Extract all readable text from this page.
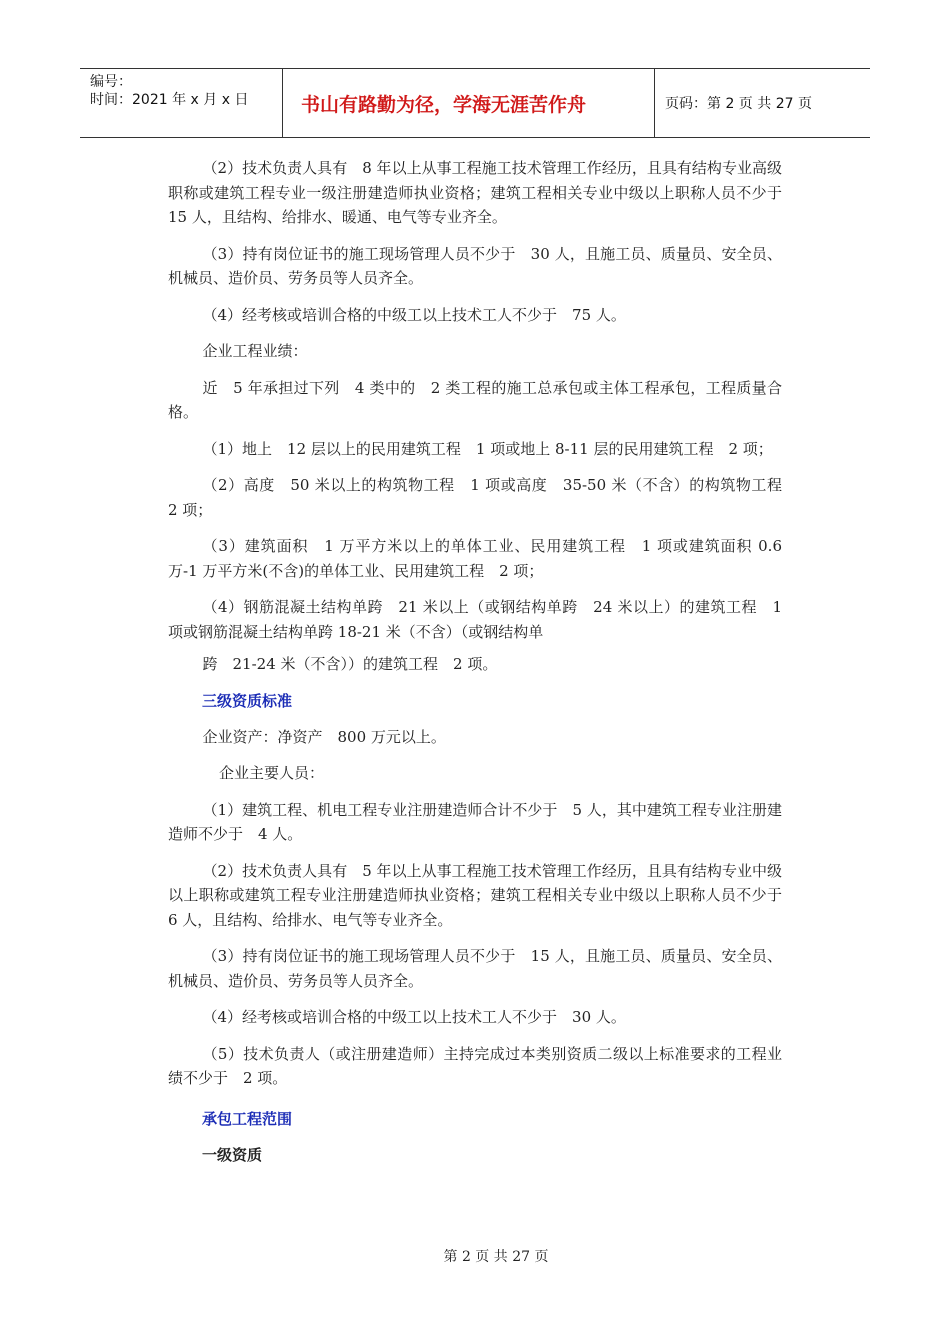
编号：
时间：2021 年 x 月 x 日	书山有路勤为径，学海无涯苦作舟	页码：第 2 页 共 27 页

（2）技术负责人具有　8 年以上从事工程施工技术管理工作经历，且具有结构专业高级职称或建筑工程专业一级注册建造师执业资格；建筑工程相关专业中级以上职称人员不少于　15 人，且结构、给排水、暖通、电气等专业齐全。

（3）持有岗位证书的施工现场管理人员不少于　30 人，且施工员、质量员、安全员、机械员、造价员、劳务员等人员齐全。

（4）经考核或培训合格的中级工以上技术工人不少于　75 人。

企业工程业绩：

近　5 年承担过下列　4 类中的　2 类工程的施工总承包或主体工程承包，工程质量合格。

（1）地上　12 层以上的民用建筑工程　1 项或地上 8-11 层的民用建筑工程　2 项；

（2）高度　50 米以上的构筑物工程　1 项或高度　35-50 米（不含）的构筑物工程　2 项；

（3）建筑面积　1 万平方米以上的单体工业、民用建筑工程　1 项或建筑面积 0.6 万-1 万平方米(不含)的单体工业、民用建筑工程　2 项；

（4）钢筋混凝土结构单跨　21 米以上（或钢结构单跨　24 米以上）的建筑工程　1 项或钢筋混凝土结构单跨 18-21 米（不含）（或钢结构单

跨　21-24 米（不含））的建筑工程　2 项。

三级资质标准

企业资产：净资产　800 万元以上。

企业主要人员：

（1）建筑工程、机电工程专业注册建造师合计不少于　5 人，其中建筑工程专业注册建造师不少于　4 人。

（2）技术负责人具有　5 年以上从事工程施工技术管理工作经历，且具有结构专业中级以上职称或建筑工程专业注册建造师执业资格；建筑工程相关专业中级以上职称人员不少于　6 人，且结构、给排水、电气等专业齐全。

（3）持有岗位证书的施工现场管理人员不少于　15 人，且施工员、质量员、安全员、机械员、造价员、劳务员等人员齐全。

（4）经考核或培训合格的中级工以上技术工人不少于　30 人。

（5）技术负责人（或注册建造师）主持完成过本类别资质二级以上标准要求的工程业绩不少于　2 项。

承包工程范围
一级资质
第 2 页 共 27 页
